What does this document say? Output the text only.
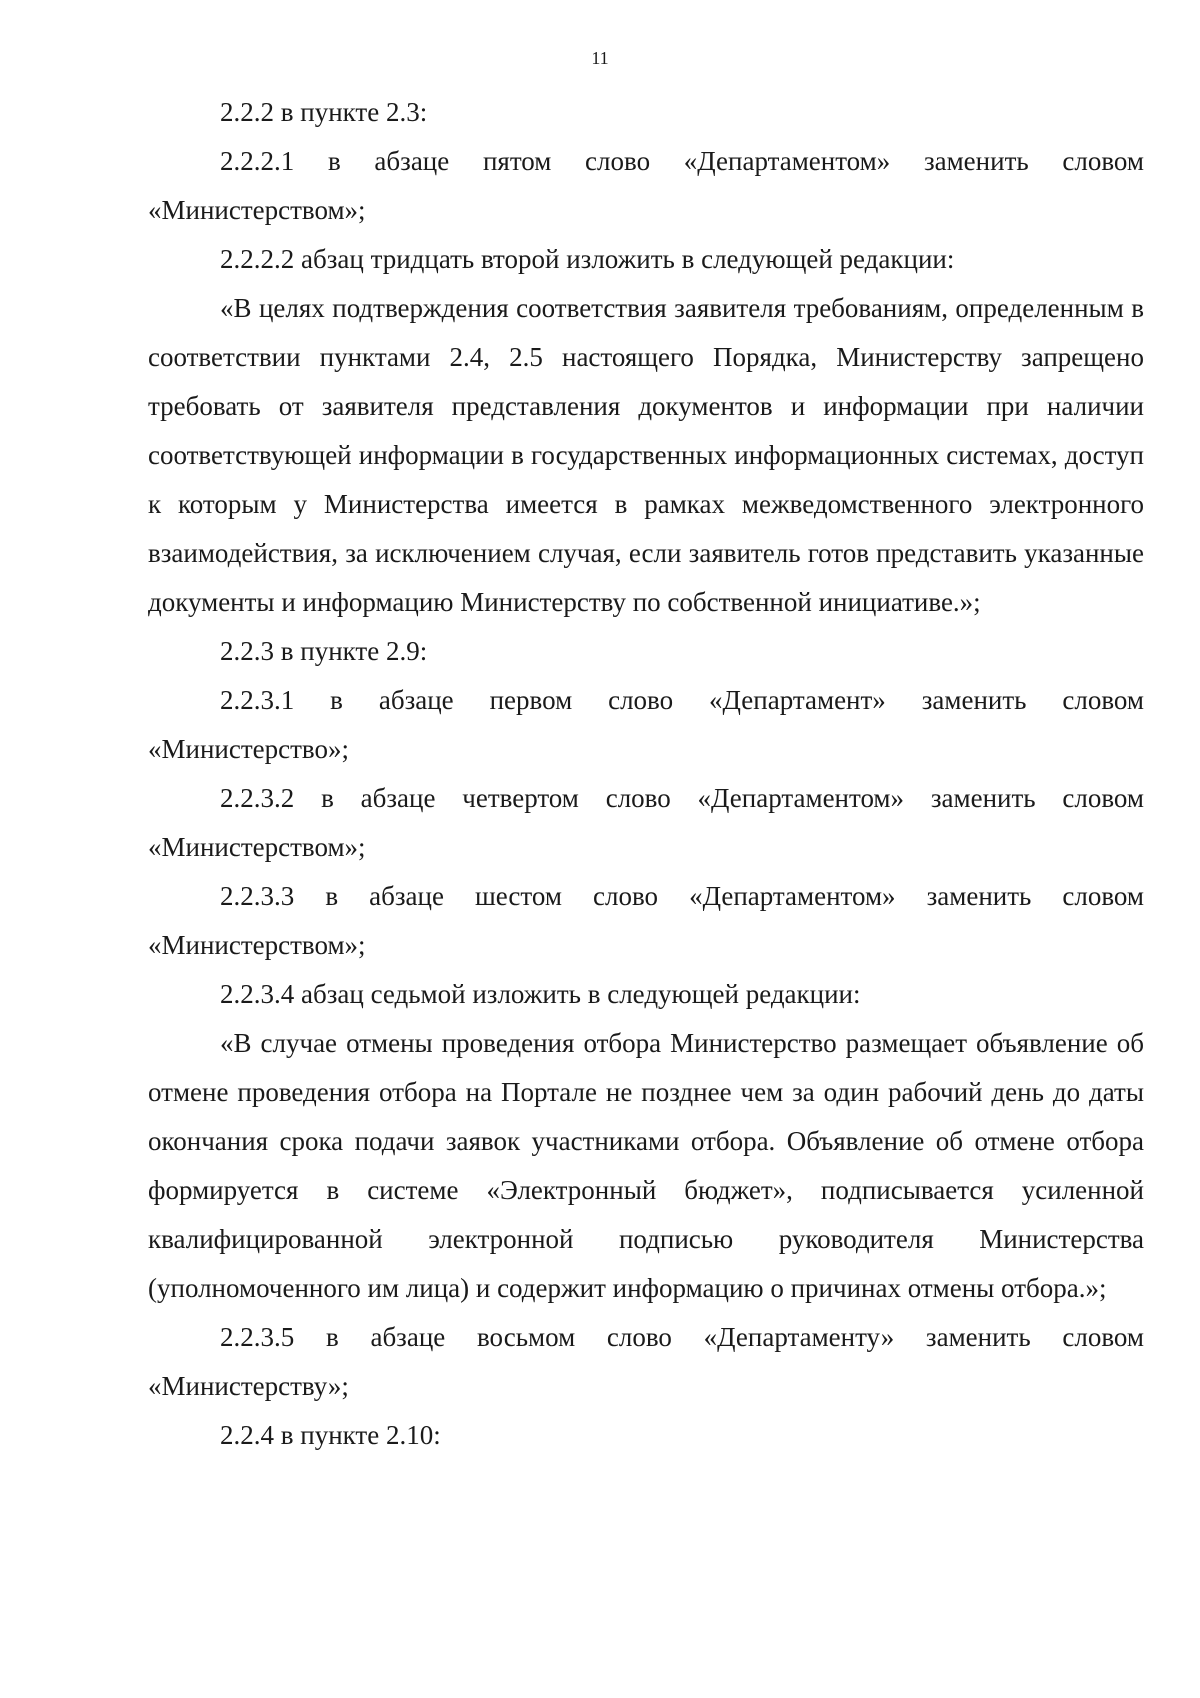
11

2.2.2 в пункте 2.3:

2.2.2.1 в абзаце пятом слово «Департаментом» заменить словом «Министерством»;

2.2.2.2 абзац тридцать второй изложить в следующей редакции:

«В целях подтверждения соответствия заявителя требованиям, определенным в соответствии пунктами 2.4, 2.5 настоящего Порядка, Министерству запрещено требовать от заявителя представления документов и информации при наличии соответствующей информации в государственных информационных системах, доступ к которым у Министерства имеется в рамках межведомственного электронного взаимодействия, за исключением случая, если заявитель готов представить указанные документы и информацию Министерству по собственной инициативе.»;

2.2.3 в пункте 2.9:

2.2.3.1 в абзаце первом слово «Департамент» заменить словом «Министерство»;

2.2.3.2 в абзаце четвертом слово «Департаментом» заменить словом «Министерством»;

2.2.3.3 в абзаце шестом слово «Департаментом» заменить словом «Министерством»;

2.2.3.4 абзац седьмой изложить в следующей редакции:

«В случае отмены проведения отбора Министерство размещает объявление об отмене проведения отбора на Портале не позднее чем за один рабочий день до даты окончания срока подачи заявок участниками отбора. Объявление об отмене отбора формируется в системе «Электронный бюджет», подписывается усиленной квалифицированной электронной подписью руководителя Министерства (уполномоченного им лица) и содержит информацию о причинах отмены отбора.»;

2.2.3.5 в абзаце восьмом слово «Департаменту» заменить словом «Министерству»;

2.2.4 в пункте 2.10:
